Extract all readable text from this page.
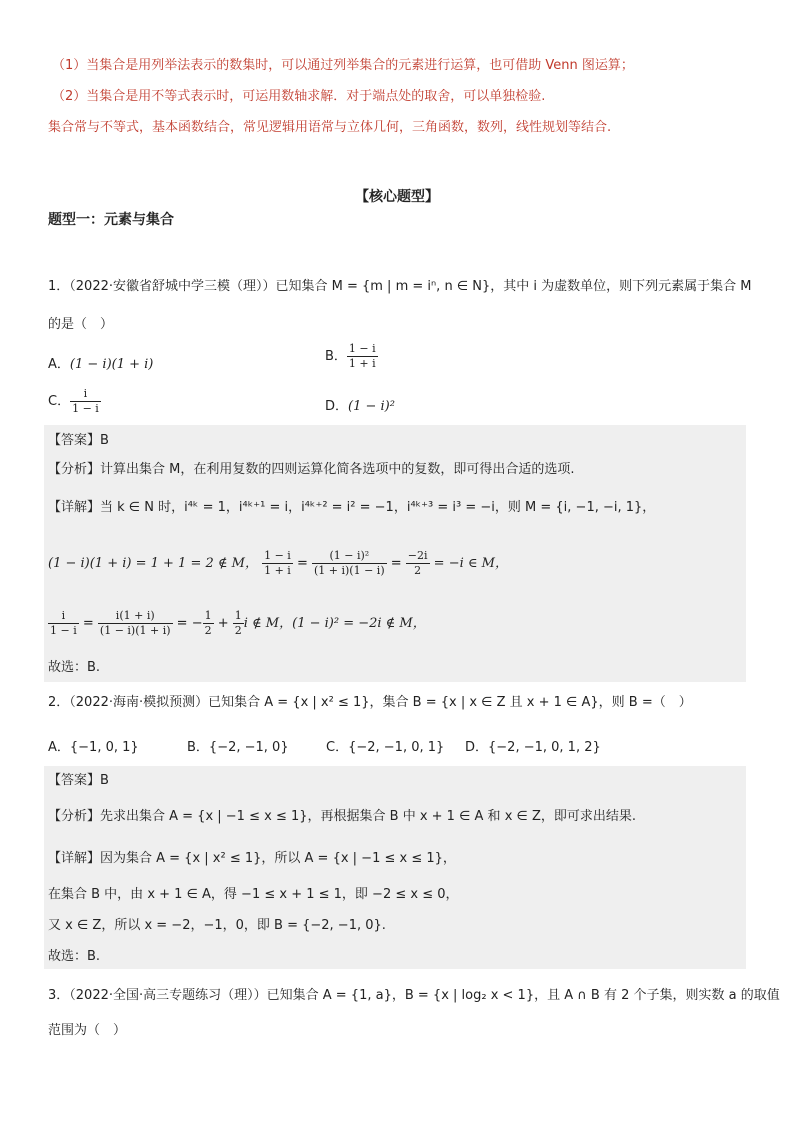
（1）当集合是用列举法表示的数集时，可以通过列举集合的元素进行运算，也可借助 Venn 图运算；
（2）当集合是用不等式表示时，可运用数轴求解．对于端点处的取舍，可以单独检验.
集合常与不等式，基本函数结合，常见逻辑用语常与立体几何，三角函数，数列，线性规划等结合.
【核心题型】
题型一：元素与集合
1．（2022·安徽省舒城中学三模（理））已知集合 M = {m | m = iⁿ, n ∈ N}，其中 i 为虚数单位，则下列元素属于集合 M
的是（　）
A．(1 − i)(1 + i)
B． $\frac{1 - i}{1 + i}$
C． $\frac{i}{1 - i}$	D．(1 − i)²
【答案】B
【分析】计算出集合 M，在利用复数的四则运算化简各选项中的复数，即可得出合适的选项.
【详解】当 k ∈ N 时，i⁴ᵏ = 1，i⁴ᵏ⁺¹ = i，i⁴ᵏ⁺² = i² = −1，i⁴ᵏ⁺³ = i³ = −i，则 M = {i, −1, −i, 1}，
(1 − i)(1 + i) = 1 + 1 = 2 ∉ M， $\frac{1 - i}{1 + i} = \frac{\text{(1 − i)²}}{(1 + i)(1 - i)} = \frac{-2i}{2} = -i$ ∈ M，
$\frac{i}{1 - i} = \frac{i(1 + i)}{(1 - i)(1 + i)}$ = − $\frac{1}{2} + \frac{1}{2}$ i ∉ M，(1 − i)² = −2i ∉ M，
故选：B.
2．（2022·海南·模拟预测）已知集合 A = {x | x² ≤ 1}，集合 B = {x | x ∈ Z 且 x + 1 ∈ A}，则 B =（　）
A．{−1, 0, 1}	B．{−2, −1, 0}	C．{−2, −1, 0, 1} D．{−2, −1, 0, 1, 2}
【答案】B
【分析】先求出集合 A = {x | −1 ≤ x ≤ 1}，再根据集合 B 中 x + 1 ∈ A 和 x ∈ Z，即可求出结果.
【详解】因为集合 A = {x | x² ≤ 1}，所以 A = {x | −1 ≤ x ≤ 1}，
在集合 B 中，由 x + 1 ∈ A，得 −1 ≤ x + 1 ≤ 1，即 −2 ≤ x ≤ 0，
又 x ∈ Z，所以 x = −2，−1，0，即 B = {−2, −1, 0}.
故选：B.
3．（2022·全国·高三专题练习（理））已知集合 A = {1, a}，B = {x | log₂ x < 1}，且 A ∩ B 有 2 个子集，则实数 a 的取值
范围为（　）
